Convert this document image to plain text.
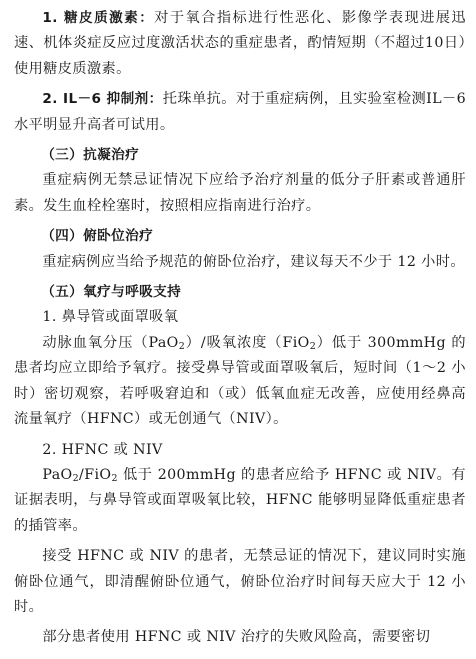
1. 糖皮质激素：对于氧合指标进行性恶化、影像学表现进展迅速、机体炎症反应过度激活状态的重症患者，酌情短期（不超过10日）使用糖皮质激素。

2. IL－6 抑制剂：托珠单抗。对于重症病例，且实验室检测IL－6水平明显升高者可试用。

（三）抗凝治疗

重症病例无禁忌证情况下应给予治疗剂量的低分子肝素或普通肝素。发生血栓栓塞时，按照相应指南进行治疗。

（四）俯卧位治疗

重症病例应当给予规范的俯卧位治疗，建议每天不少于 12 小时。

（五）氧疗与呼吸支持

1. 鼻导管或面罩吸氧

动脉血氧分压（PaO$_2$）/吸氧浓度（FiO$_2$）低于 300mmHg 的患者均应立即给予氧疗。接受鼻导管或面罩吸氧后，短时间（1～2 小时）密切观察，若呼吸窘迫和（或）低氧血症无改善，应使用经鼻高流量氧疗（HFNC）或无创通气（NIV）。

2. HFNC 或 NIV

PaO$_2$/FiO$_2$ 低于 200mmHg 的患者应给予 HFNC 或 NIV。有证据表明，与鼻导管或面罩吸氧比较，HFNC 能够明显降低重症患者的插管率。

接受 HFNC 或 NIV 的患者，无禁忌证的情况下，建议同时实施俯卧位通气，即清醒俯卧位通气，俯卧位治疗时间每天应大于 12 小时。

部分患者使用 HFNC 或 NIV 治疗的失败风险高，需要密切
